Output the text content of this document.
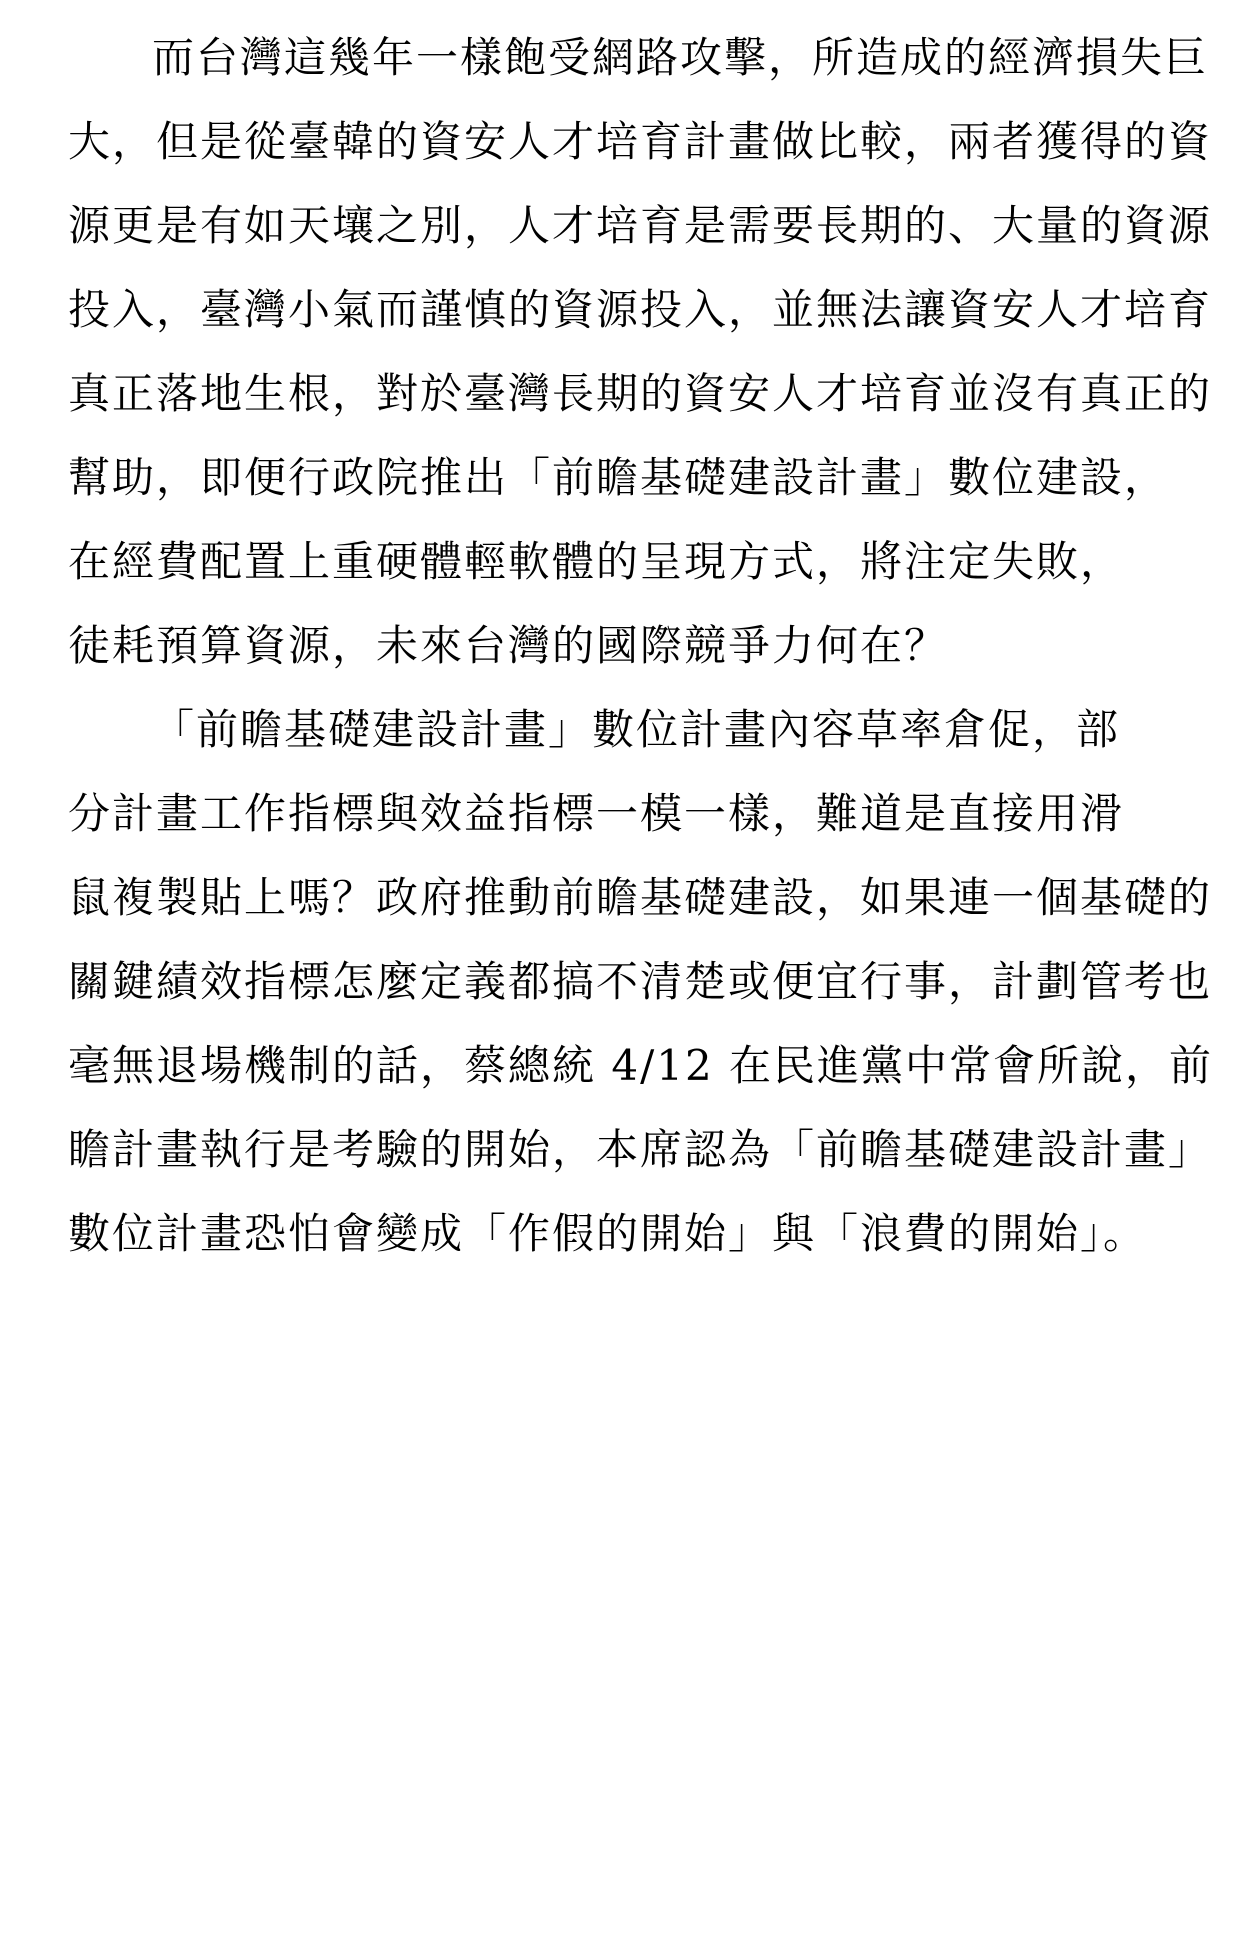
而台灣這幾年一樣飽受網路攻擊，所造成的經濟損失巨
大，但是從臺韓的資安人才培育計畫做比較，兩者獲得的資
源更是有如天壤之別，人才培育是需要長期的、大量的資源
投入，臺灣小氣而謹慎的資源投入，並無法讓資安人才培育
真正落地生根，對於臺灣長期的資安人才培育並沒有真正的
幫助，即便行政院推出「前瞻基礎建設計畫」數位建設，
在經費配置上重硬體輕軟體的呈現方式，將注定失敗，
徒耗預算資源，未來台灣的國際競爭力何在？
「前瞻基礎建設計畫」數位計畫內容草率倉促，部
分計畫工作指標與效益指標一模一樣，難道是直接用滑
鼠複製貼上嗎？政府推動前瞻基礎建設，如果連一個基礎的
關鍵績效指標怎麼定義都搞不清楚或便宜行事，計劃管考也
毫無退場機制的話，蔡總統 4/12 在民進黨中常會所說，前
瞻計畫執行是考驗的開始，本席認為「前瞻基礎建設計畫」
數位計畫恐怕會變成「作假的開始」與「浪費的開始」。
